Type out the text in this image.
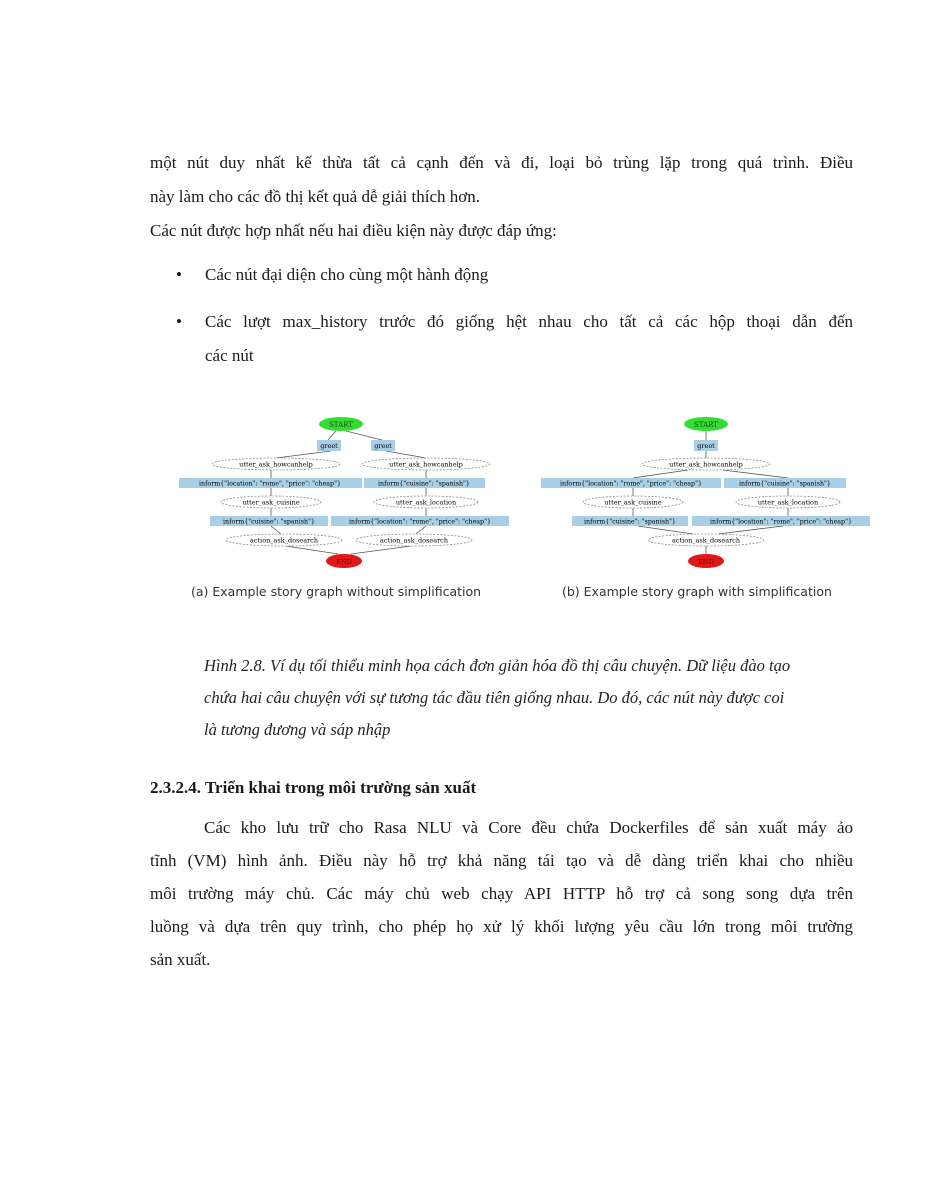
một nút duy nhất kế thừa tất cả cạnh đến và đi, loại bỏ trùng lặp trong quá trình. Điều

này làm cho các đồ thị kết quả dễ giải thích hơn.

Các nút được hợp nhất nếu hai điều kiện này được đáp ứng:

• Các nút đại diện cho cùng một hành động
• Các lượt max_history trước đó giống hệt nhau cho tất cả các hộp thoại dẫn đến
các nút
START
greet	greet
utter_ask_howcanhelp	utter_ask_howcanhelp
inform{"location": "rome", "price": "cheap"}	inform{"cuisine": "spanish"}
utter_ask_cuisine	utter_ask_location
inform{"cuisine": "spanish"}	inform{"location": "rome", "price": "cheap"}
action_ask_dosearch	action_ask_dosearch
END
START
greet
utter_ask_howcanhelp
inform{"location": "rome", "price": "cheap"}	inform{"cuisine": "spanish"}
utter_ask_cuisine	utter_ask_location
inform{"cuisine": "spanish"}	inform{"location": "rome", "price": "cheap"}
action_ask_dosearch
END
(a) Example story graph without simplification	(b) Example story graph with simplification
Hình 2.8. Ví dụ tối thiểu minh họa cách đơn giản hóa đồ thị câu chuyện. Dữ liệu đào tạo
chứa hai câu chuyện với sự tương tác đầu tiên giống nhau. Do đó, các nút này được coi
là tương đương và sáp nhập
2.3.2.4. Triển khai trong môi trường sản xuất

Các kho lưu trữ cho Rasa NLU và Core đều chứa Dockerfiles để sản xuất máy ảo

tĩnh (VM) hình ảnh. Điều này hỗ trợ khả năng tái tạo và dễ dàng triển khai cho nhiều

môi trường máy chủ. Các máy chủ web chạy API HTTP hỗ trợ cả song song dựa trên

luồng và dựa trên quy trình, cho phép họ xử lý khối lượng yêu cầu lớn trong môi trường

sản xuất.
